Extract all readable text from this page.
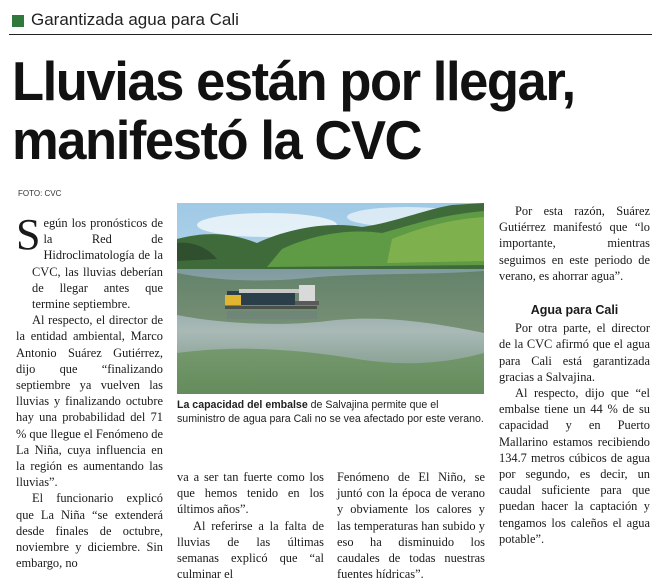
Garantizada agua para Cali
Lluvias están por llegar,
manifestó la CVC
FOTO: CVC

Según los pronósticos de la Red de Hidroclimatología de la CVC, las lluvias deberían de llegar antes que termine septiembre.

Al respecto, el director de la entidad ambiental, Marco Antonio Suárez Gutiérrez, dijo que “finalizando septiembre ya vuelven las lluvias y finalizando octubre hay una probabilidad del 71 % que llegue el Fenómeno de La Niña, cuya influencia en la región es aumentando las lluvias”.

El funcionario explicó que La Niña “se extenderá desde finales de octubre, noviembre y diciembre. Sin embargo, no

La capacidad del embalse de Salvajina permite que el suministro de agua para Cali no se vea afectado por este verano.

va a ser tan fuerte como los que hemos tenido en los últimos años”.

Al referirse a la falta de lluvias de las últimas semanas explicó que “al culminar el

Fenómeno de El Niño, se juntó con la época de verano y obviamente los calores y las temperaturas han subido y eso ha disminuido los caudales de todas nuestras fuentes hídricas”.

Por esta razón, Suárez Gutiérrez manifestó que “lo importante, mientras seguimos en este periodo de verano, es ahorrar agua”.

Agua para Cali

Por otra parte, el director de la CVC afirmó que el agua para Cali está garantizada gracias a Salvajina.

Al respecto, dijo que “el embalse tiene un 44 % de su capacidad y en Puerto Mallarino estamos recibiendo 134.7 metros cúbicos de agua por segundo, es decir, un caudal suficiente para que puedan hacer la captación y tengamos los caleños el agua potable”.
